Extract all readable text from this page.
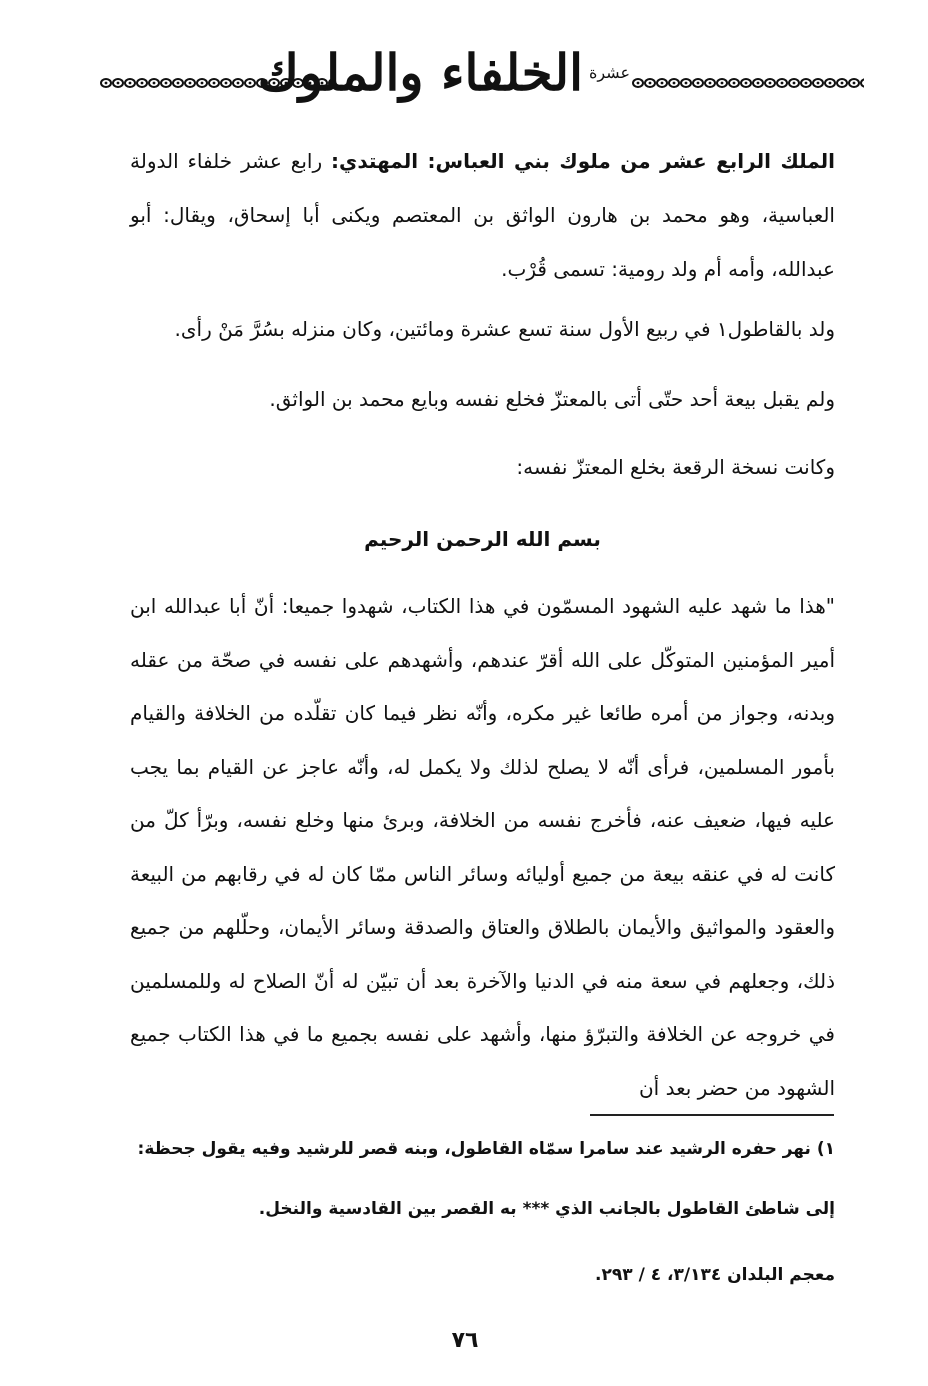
$^{عشرة}$الخلفاء والملوك
الملك الرابع عشر من ملوك بني العباس: المهتدي: رابع عشر خلفاء الدولة العباسية، وهو محمد بن هارون الواثق بن المعتصم ويكنى أبا إسحاق، ويقال: أبو عبدالله، وأمه أم ولد رومية: تسمى قُرْب.
ولد بالقاطول١ في ربيع الأول سنة تسع عشرة ومائتين، وكان منزله بسُرَّ مَنْ رأى.
ولم يقبل بيعة أحد حتّى أتى بالمعتزّ فخلع نفسه وبايع محمد بن الواثق.
وكانت نسخة الرقعة بخلع المعتزّ نفسه:
بسم الله الرحمن الرحيم
"هذا ما شهد عليه الشهود المسمّون في هذا الكتاب، شهدوا جميعا: أنّ أبا عبدالله ابن أمير المؤمنين المتوكّل على الله أقرّ عندهم، وأشهدهم على نفسه في صحّة من عقله وبدنه، وجواز من أمره طائعا غير مكره، وأنّه نظر فيما كان تقلّده من الخلافة والقيام بأمور المسلمين، فرأى أنّه لا يصلح لذلك ولا يكمل له، وأنّه عاجز عن القيام بما يجب عليه فيها، ضعيف عنه، فأخرج نفسه من الخلافة، وبرئ منها وخلع نفسه، وبرّأ كلّ من كانت له في عنقه بيعة من جميع أوليائه وسائر الناس ممّا كان له في رقابهم من البيعة والعقود والمواثيق والأيمان بالطلاق والعتاق والصدقة وسائر الأيمان، وحلّلهم من جميع ذلك، وجعلهم في سعة منه في الدنيا والآخرة بعد أن تبيّن له أنّ الصلاح له وللمسلمين في خروجه عن الخلافة والتبرّؤ منها، وأشهد على نفسه بجميع ما في هذا الكتاب جميع الشهود من حضر بعد أن
١) نهر حفره الرشيد عند سامرا سمّاه القاطول، وبنه قصر للرشيد وفيه يقول جحظة:
إلى شاطئ القاطول بالجانب الذي *** به القصر بين القادسية والنخل.
معجم البلدان ٣/١٣٤، ٤ / ٢٩٣.
٧٦
